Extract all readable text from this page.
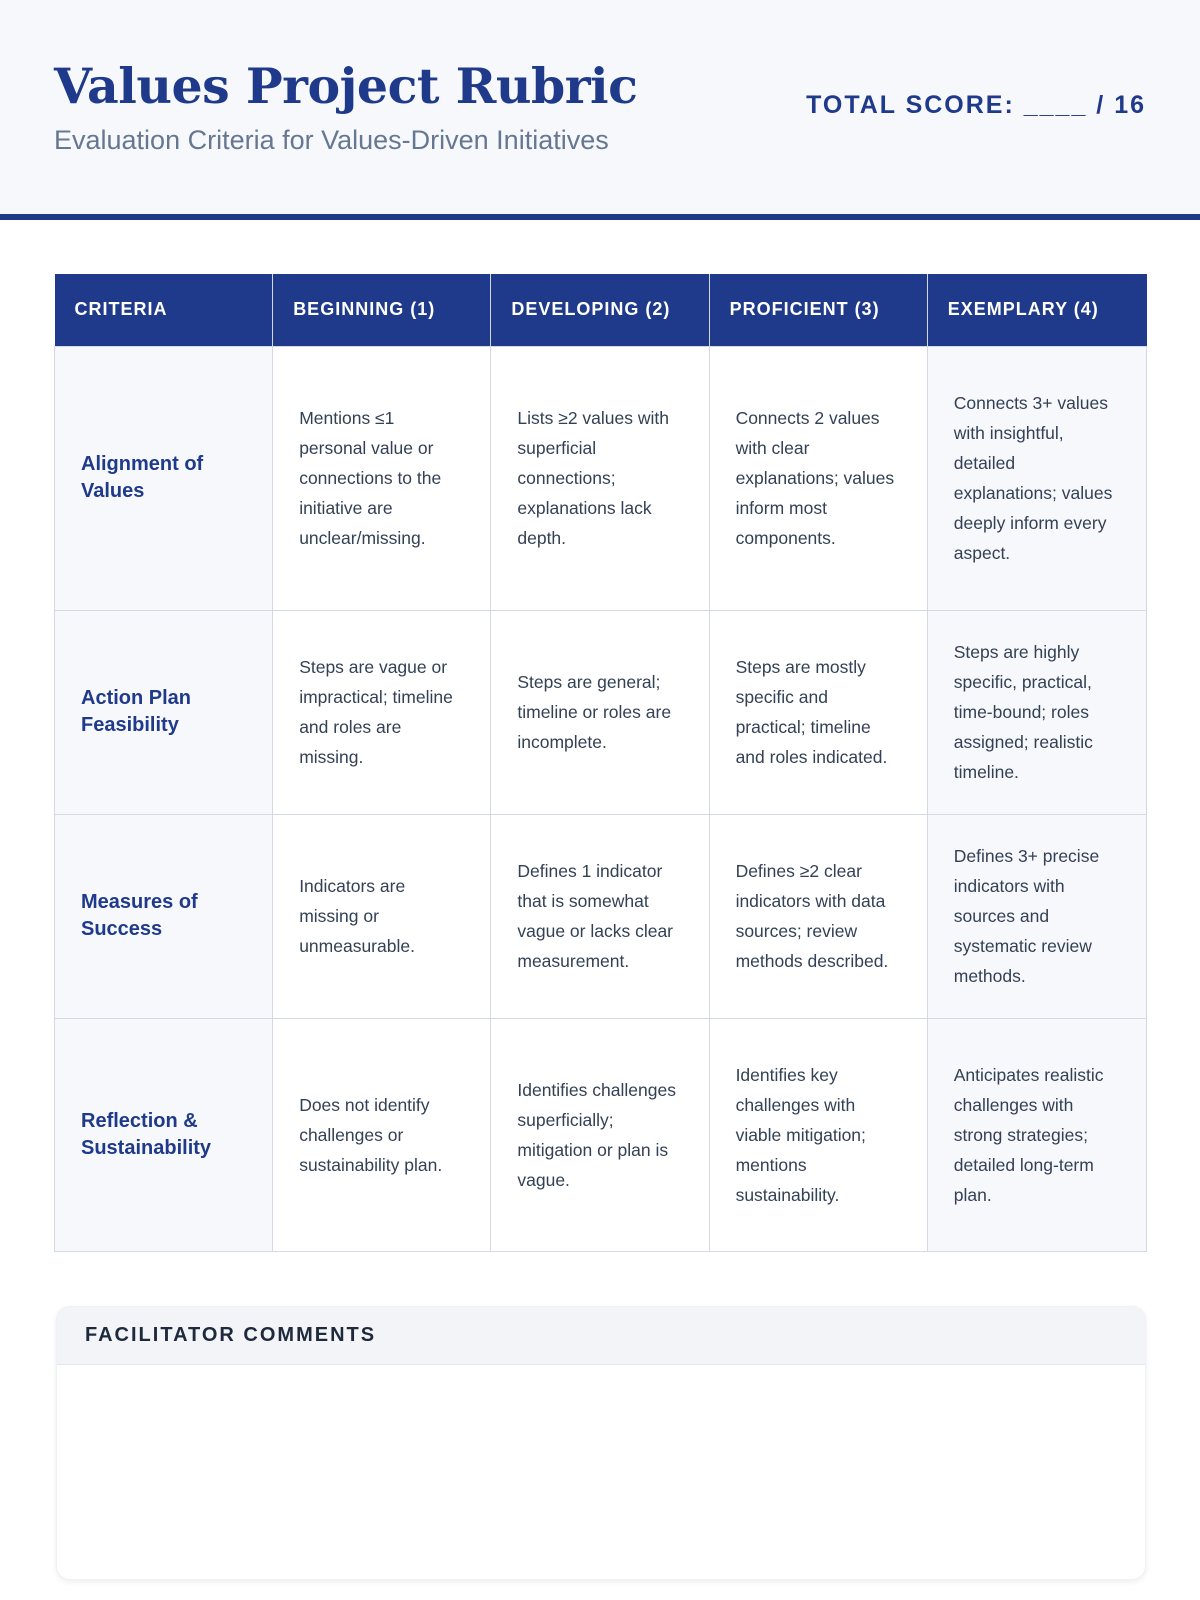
Values Project Rubric
Evaluation Criteria for Values-Driven Initiatives
TOTAL SCORE: ____ / 16
CRITERIA	BEGINNING (1)	DEVELOPING (2)	PROFICIENT (3)	EXEMPLARY (4)
Alignment of Values	Mentions ≤1 personal value or connections to the initiative are unclear/missing.	Lists ≥2 values with superficial connections; explanations lack depth.	Connects 2 values with clear explanations; values inform most components.	Connects 3+ values with insightful, detailed explanations; values deeply inform every aspect.
Action Plan Feasibility	Steps are vague or impractical; timeline and roles are missing.	Steps are general; timeline or roles are incomplete.	Steps are mostly specific and practical; timeline and roles indicated.	Steps are highly specific, practical, time-bound; roles assigned; realistic timeline.
Measures of Success	Indicators are missing or unmeasurable.	Defines 1 indicator that is somewhat vague or lacks clear measurement.	Defines ≥2 clear indicators with data sources; review methods described.	Defines 3+ precise indicators with sources and systematic review methods.
Reflection & Sustainability	Does not identify challenges or sustainability plan.	Identifies challenges superficially; mitigation or plan is vague.	Identifies key challenges with viable mitigation; mentions sustainability.	Anticipates realistic challenges with strong strategies; detailed long-term plan.
FACILITATOR COMMENTS
